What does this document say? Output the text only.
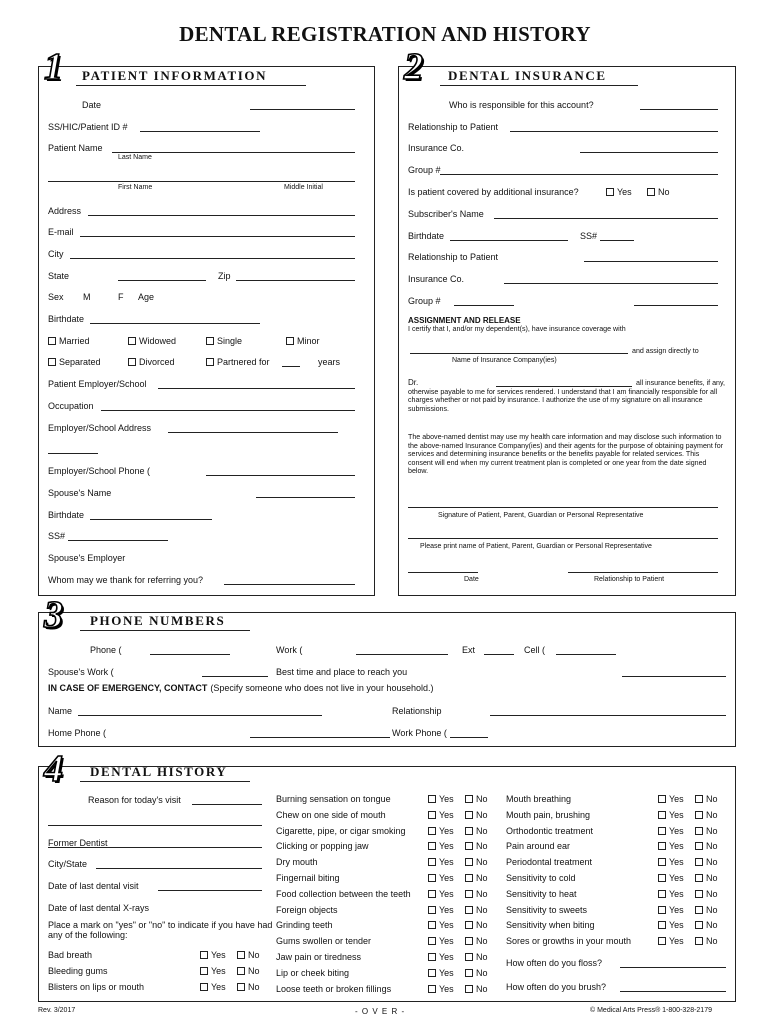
DENTAL REGISTRATION AND HISTORY
1 PATIENT INFORMATION
Date
SS/HIC/Patient ID #
Patient Name
Last Name
First Name	Middle Initial
Address
E-mail
City
State	Zip
Sex M	F Age
Birthdate
Married	Widowed	Single	Minor
Separated	Divorced	Partnered for	years
Patient Employer/School
Occupation
Employer/School Address
Employer/School Phone (
Spouse's Name
Birthdate
SS#
Spouse's Employer
Whom may we thank for referring you?
2 DENTAL INSURANCE
Who is responsible for this account?
Relationship to Patient
Insurance Co.
Group #
Is patient covered by additional insurance?	Yes	No
Subscriber's Name
Birthdate	SS#
Relationship to Patient
Insurance Co.
Group #
ASSIGNMENT AND RELEASE
I certify that I, and/or my dependent(s), have insurance coverage with
and assign directly to
Name of Insurance Company(ies)
Dr.	all insurance benefits, if any, otherwise payable to me for services rendered. I understand that I am financially responsible for all charges whether or not paid by insurance. I authorize the use of my signature on all insurance submissions.
The above-named dentist may use my health care information and may disclose such information to the above-named Insurance Company(ies) and their agents for the purpose of obtaining payment for services and determining insurance benefits or the benefits payable for related services. This consent will end when my current treatment plan is completed or one year from the date signed below.
Signature of Patient, Parent, Guardian or Personal Representative
Please print name of Patient, Parent, Guardian or Personal Representative
Date	Relationship to Patient
3 PHONE NUMBERS
Phone (	Work (	Ext	Cell (
Spouse's Work (	Best time and place to reach you
IN CASE OF EMERGENCY, CONTACT (Specify someone who does not live in your household.)
Name	Relationship
Home Phone (	Work Phone (
4 DENTAL HISTORY
Reason for today's visit
Former Dentist
City/State
Date of last dental visit
Date of last dental X-rays
Place a mark on "yes" or "no" to indicate if you have had any of the following:
Bad breath	Yes	No
Bleeding gums	Yes	No
Blisters on lips or mouth	Yes	No
Burning sensation on tongue	Yes	No
Chew on one side of mouth	Yes	No
Cigarette, pipe, or cigar smoking	Yes	No
Clicking or popping jaw	Yes	No
Dry mouth	Yes	No
Fingernail biting	Yes	No
Food collection between the teeth	Yes	No
Foreign objects	Yes	No
Grinding teeth	Yes	No
Gums swollen or tender	Yes	No
Jaw pain or tiredness	Yes	No
Lip or cheek biting	Yes	No
Loose teeth or broken fillings	Yes	No
Mouth breathing	Yes	No
Mouth pain, brushing	Yes	No
Orthodontic treatment	Yes	No
Pain around ear	Yes	No
Periodontal treatment	Yes	No
Sensitivity to cold	Yes	No
Sensitivity to heat	Yes	No
Sensitivity to sweets	Yes	No
Sensitivity when biting	Yes	No
Sores or growths in your mouth	Yes	No
How often do you floss?
How often do you brush?
Rev. 3/2017	- O V E R -	© Medical Arts Press® 1-800-328-2179
